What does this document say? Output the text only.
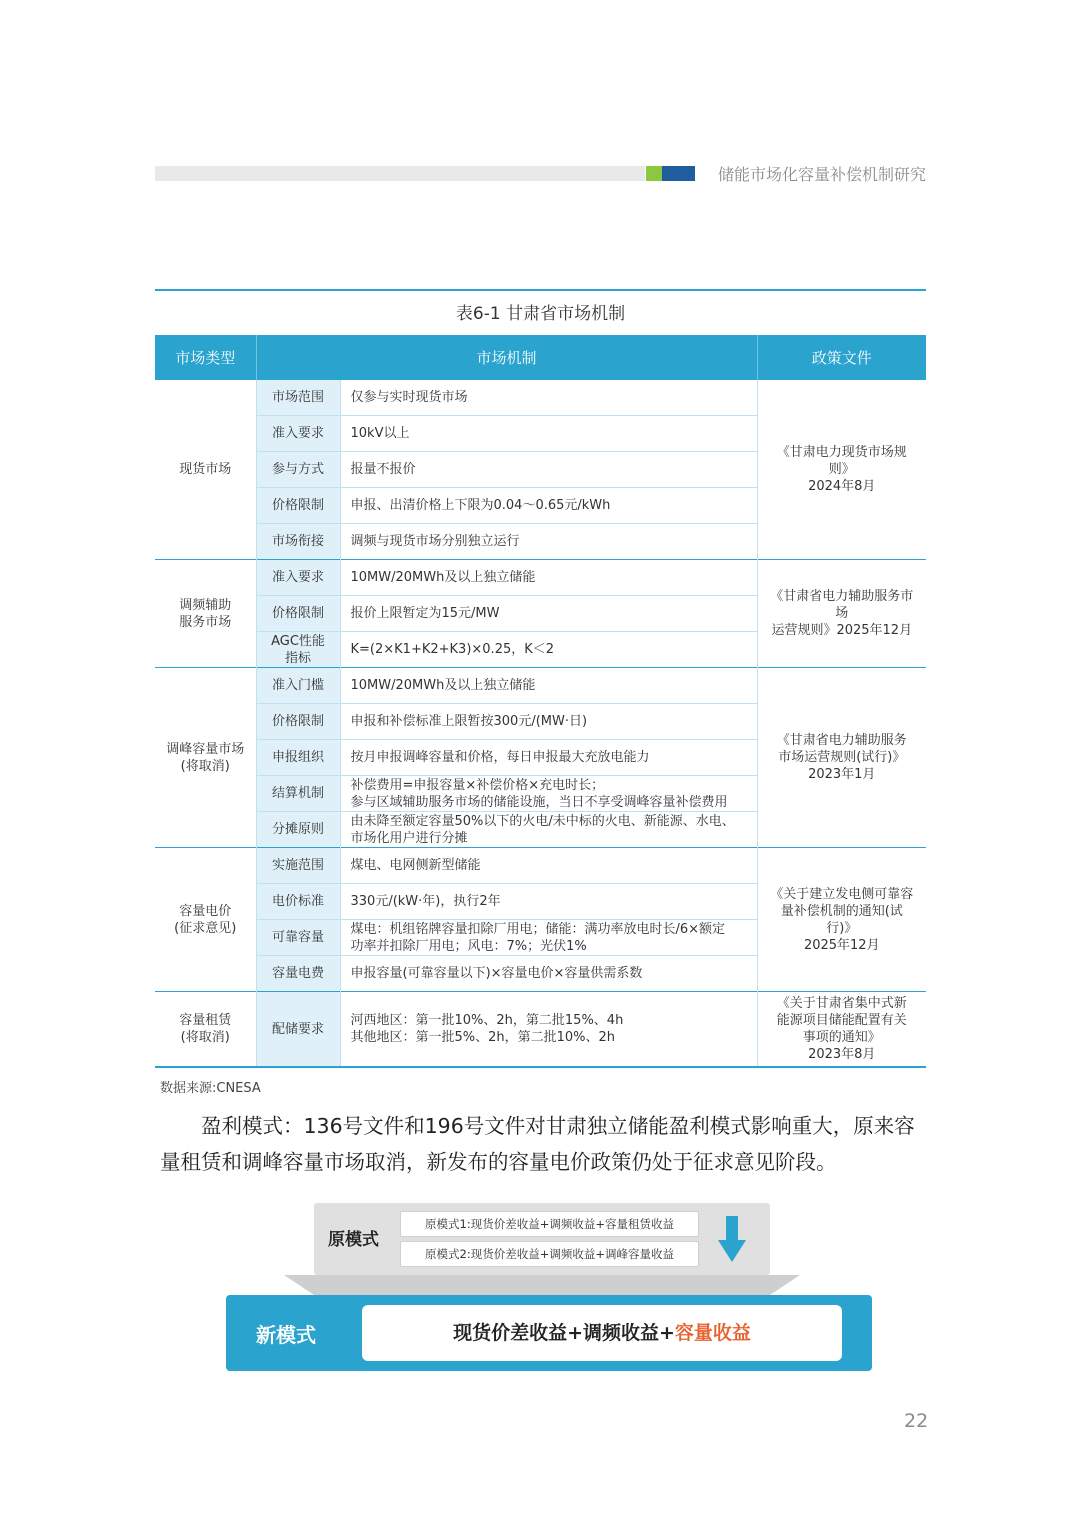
储能市场化容量补偿机制研究
表6-1 甘肃省市场机制
市场类型	市场机制		政策文件
现货市场	市场范围	仅参与实时现货市场	《甘肃电力现货市场规则》
2024年8月
	准入要求	10kV以上	
	参与方式	报量不报价	
	价格限制	申报、出清价格上下限为0.04～0.65元/kWh	
	市场衔接	调频与现货市场分别独立运行	
调频辅助
服务市场	准入要求	10MW/20MWh及以上独立储能	《甘肃省电力辅助服务市场
运营规则》2025年12月
	价格限制	报价上限暂定为15元/MW	
	AGC性能指标	K=(2×K1+K2+K3)×0.25，K＜2	
调峰容量市场
(将取消)	准入门槛	10MW/20MWh及以上独立储能	《甘肃省电力辅助服务
市场运营规则(试行)》
2023年1月
	价格限制	申报和补偿标准上限暂按300元/(MW·日)	
	申报组织	按月申报调峰容量和价格，每日申报最大充放电能力	
	结算机制	补偿费用=申报容量×补偿价格×充电时长；
参与区域辅助服务市场的储能设施，当日不享受调峰容量补偿费用	
	分摊原则	由未降至额定容量50%以下的火电/未中标的火电、新能源、水电、
市场化用户进行分摊	
容量电价
(征求意见)	实施范围	煤电、电网侧新型储能	《关于建立发电侧可靠容
量补偿机制的通知(试行)》
2025年12月
	电价标准	330元/(kW·年)，执行2年	
	可靠容量	煤电：机组铭牌容量扣除厂用电；储能：满功率放电时长/6×额定
功率并扣除厂用电；风电：7%；光伏1%	
	容量电费	申报容量(可靠容量以下)×容量电价×容量供需系数	
容量租赁
(将取消)	配储要求	河西地区：第一批10%、2h，第二批15%、4h
其他地区：第一批5%、2h，第二批10%、2h	《关于甘肃省集中式新
能源项目储能配置有关
事项的通知》
2023年8月
数据来源:CNESA
盈利模式：136号文件和196号文件对甘肃独立储能盈利模式影响重大，原来容量租赁和调峰容量市场取消，新发布的容量电价政策仍处于征求意见阶段。
原模式
原模式1:现货价差收益+调频收益+容量租赁收益
原模式2:现货价差收益+调频收益+调峰容量收益
新模式	现货价差收益+调频收益+容量收益
22
